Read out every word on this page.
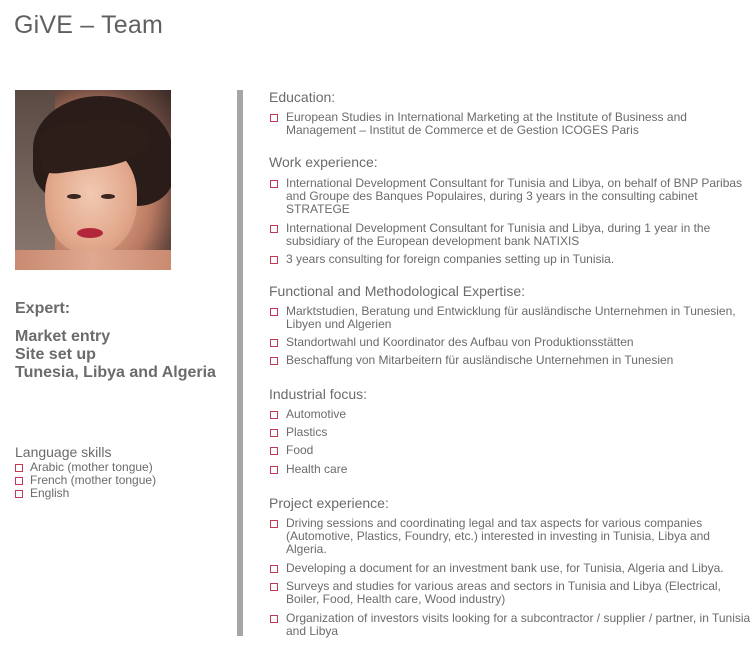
GiVE – Team
Expert:
Market entry
Site set up
Tunesia, Libya and Algeria
Language skills
Arabic (mother tongue)
French (mother tongue)
English
Education:
European Studies in International Marketing at the Institute of Business and Management – Institut de Commerce et de Gestion ICOGES Paris
Work experience:
International Development Consultant for Tunisia and Libya, on behalf of BNP Paribas and Groupe des Banques Populaires, during 3 years in the consulting cabinet STRATEGE
International Development Consultant for Tunisia and Libya, during 1 year in the subsidiary of the European development bank NATIXIS
3 years consulting for foreign companies setting up in Tunisia.
Functional and Methodological Expertise:
Marktstudien, Beratung und Entwicklung für ausländische Unternehmen in Tunesien, Libyen und Algerien
Standortwahl und Koordinator des Aufbau von Produktionsstätten
Beschaffung von Mitarbeitern für ausländische Unternehmen in Tunesien
Industrial focus:
Automotive
Plastics
Food
Health care
Project experience:
Driving sessions and coordinating legal and tax aspects for various companies (Automotive, Plastics, Foundry, etc.) interested in investing in Tunisia, Libya and Algeria.
Developing a document for an investment bank use, for Tunisia, Algeria and Libya.
Surveys and studies for various areas and sectors in Tunisia and Libya (Electrical, Boiler, Food, Health care, Wood industry)
Organization of investors visits looking for a subcontractor / supplier / partner, in Tunisia and Libya
